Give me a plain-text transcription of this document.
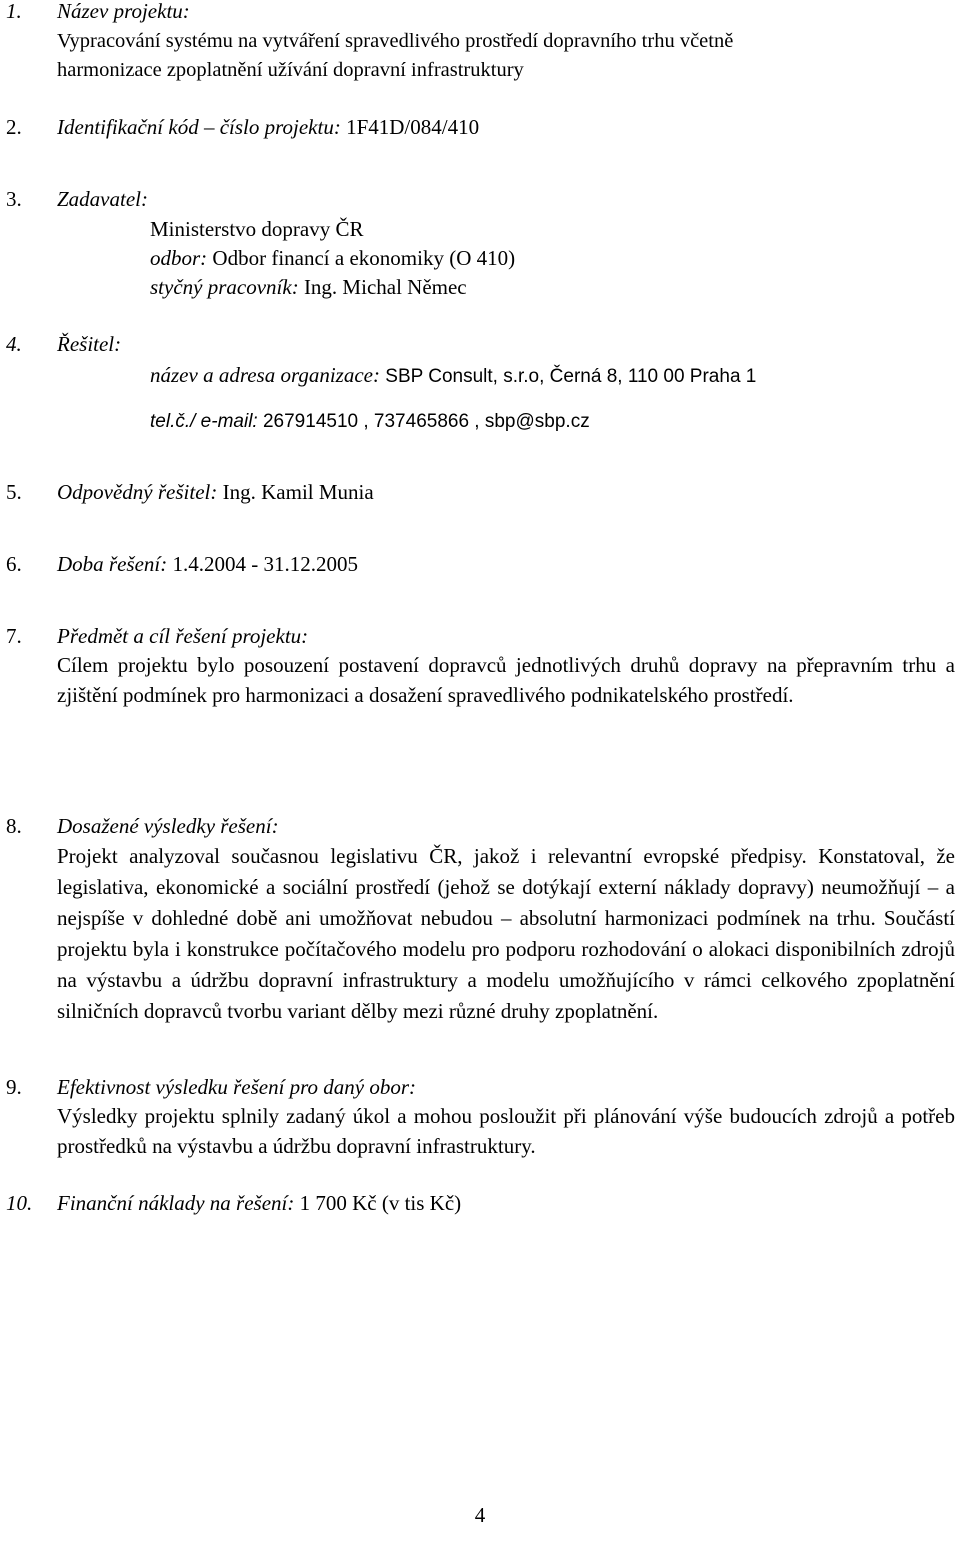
1. Název projektu:
Vypracování systému na vytváření spravedlivého prostředí dopravního trhu včetně
harmonizace zpoplatnění užívání dopravní infrastruktury
2. Identifikační kód – číslo projektu: 1F41D/084/410
3. Zadavatel:
Ministerstvo dopravy ČR
odbor: Odbor financí a ekonomiky (O 410)
styčný pracovník: Ing. Michal Němec
4. Řešitel:
název a adresa organizace: SBP Consult, s.r.o, Černá 8, 110 00 Praha 1
tel.č./ e-mail: 267914510 , 737465866 , sbp@sbp.cz
5. Odpovědný řešitel: Ing. Kamil Munia
6. Doba řešení: 1.4.2004 - 31.12.2005
7. Předmět a cíl řešení projektu:
Cílem projektu bylo posouzení postavení dopravců jednotlivých druhů dopravy na přepravním trhu a zjištění podmínek pro harmonizaci a dosažení spravedlivého podnikatelského prostředí.
8. Dosažené výsledky řešení:
Projekt analyzoval současnou legislativu ČR, jakož i relevantní evropské předpisy. Konstatoval, že legislativa, ekonomické a sociální prostředí (jehož se dotýkají externí náklady dopravy) neumožňují – a nejspíše v dohledné době ani umožňovat nebudou – absolutní harmonizaci podmínek na trhu. Součástí projektu byla i konstrukce počítačového modelu pro podporu rozhodování o alokaci disponibilních zdrojů na výstavbu a údržbu dopravní infrastruktury a modelu umožňujícího v rámci celkového zpoplatnění silničních dopravců tvorbu variant dělby mezi různé druhy zpoplatnění.
9. Efektivnost výsledku řešení pro daný obor:
Výsledky projektu splnily zadaný úkol a mohou posloužit při plánování výše budoucích zdrojů a potřeb prostředků na výstavbu a údržbu dopravní infrastruktury.
10. Finanční náklady na řešení: 1 700 Kč (v tis Kč)
4
